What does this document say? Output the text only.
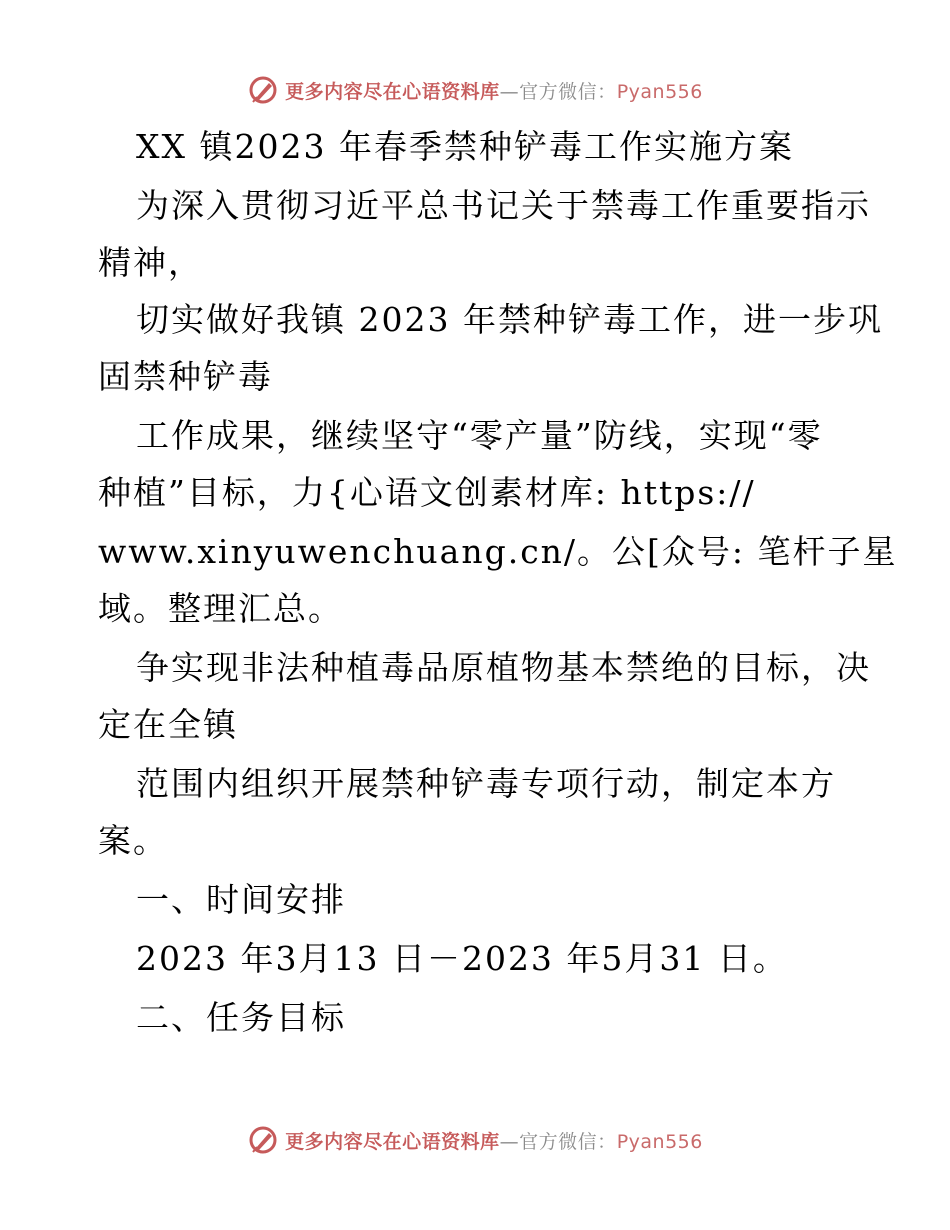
更多内容尽在心语资料库—官方微信：Pyan556
XX 镇2023 年春季禁种铲毒工作实施方案
为深入贯彻习近平总书记关于禁毒工作重要指示
精神，
切实做好我镇 2023 年禁种铲毒工作，进一步巩
固禁种铲毒
工作成果，继续坚守“零产量”防线，实现“零
种植”目标，力{心语文创素材库: https://
www.xinyuwenchuang.cn/。公[众号: 笔杆子星
域。整理汇总。
争实现非法种植毒品原植物基本禁绝的目标，决
定在全镇
范围内组织开展禁种铲毒专项行动，制定本方
案。
一、时间安排
2023 年3月13 日－2023 年5月31 日。
二、任务目标
更多内容尽在心语资料库—官方微信：Pyan556
